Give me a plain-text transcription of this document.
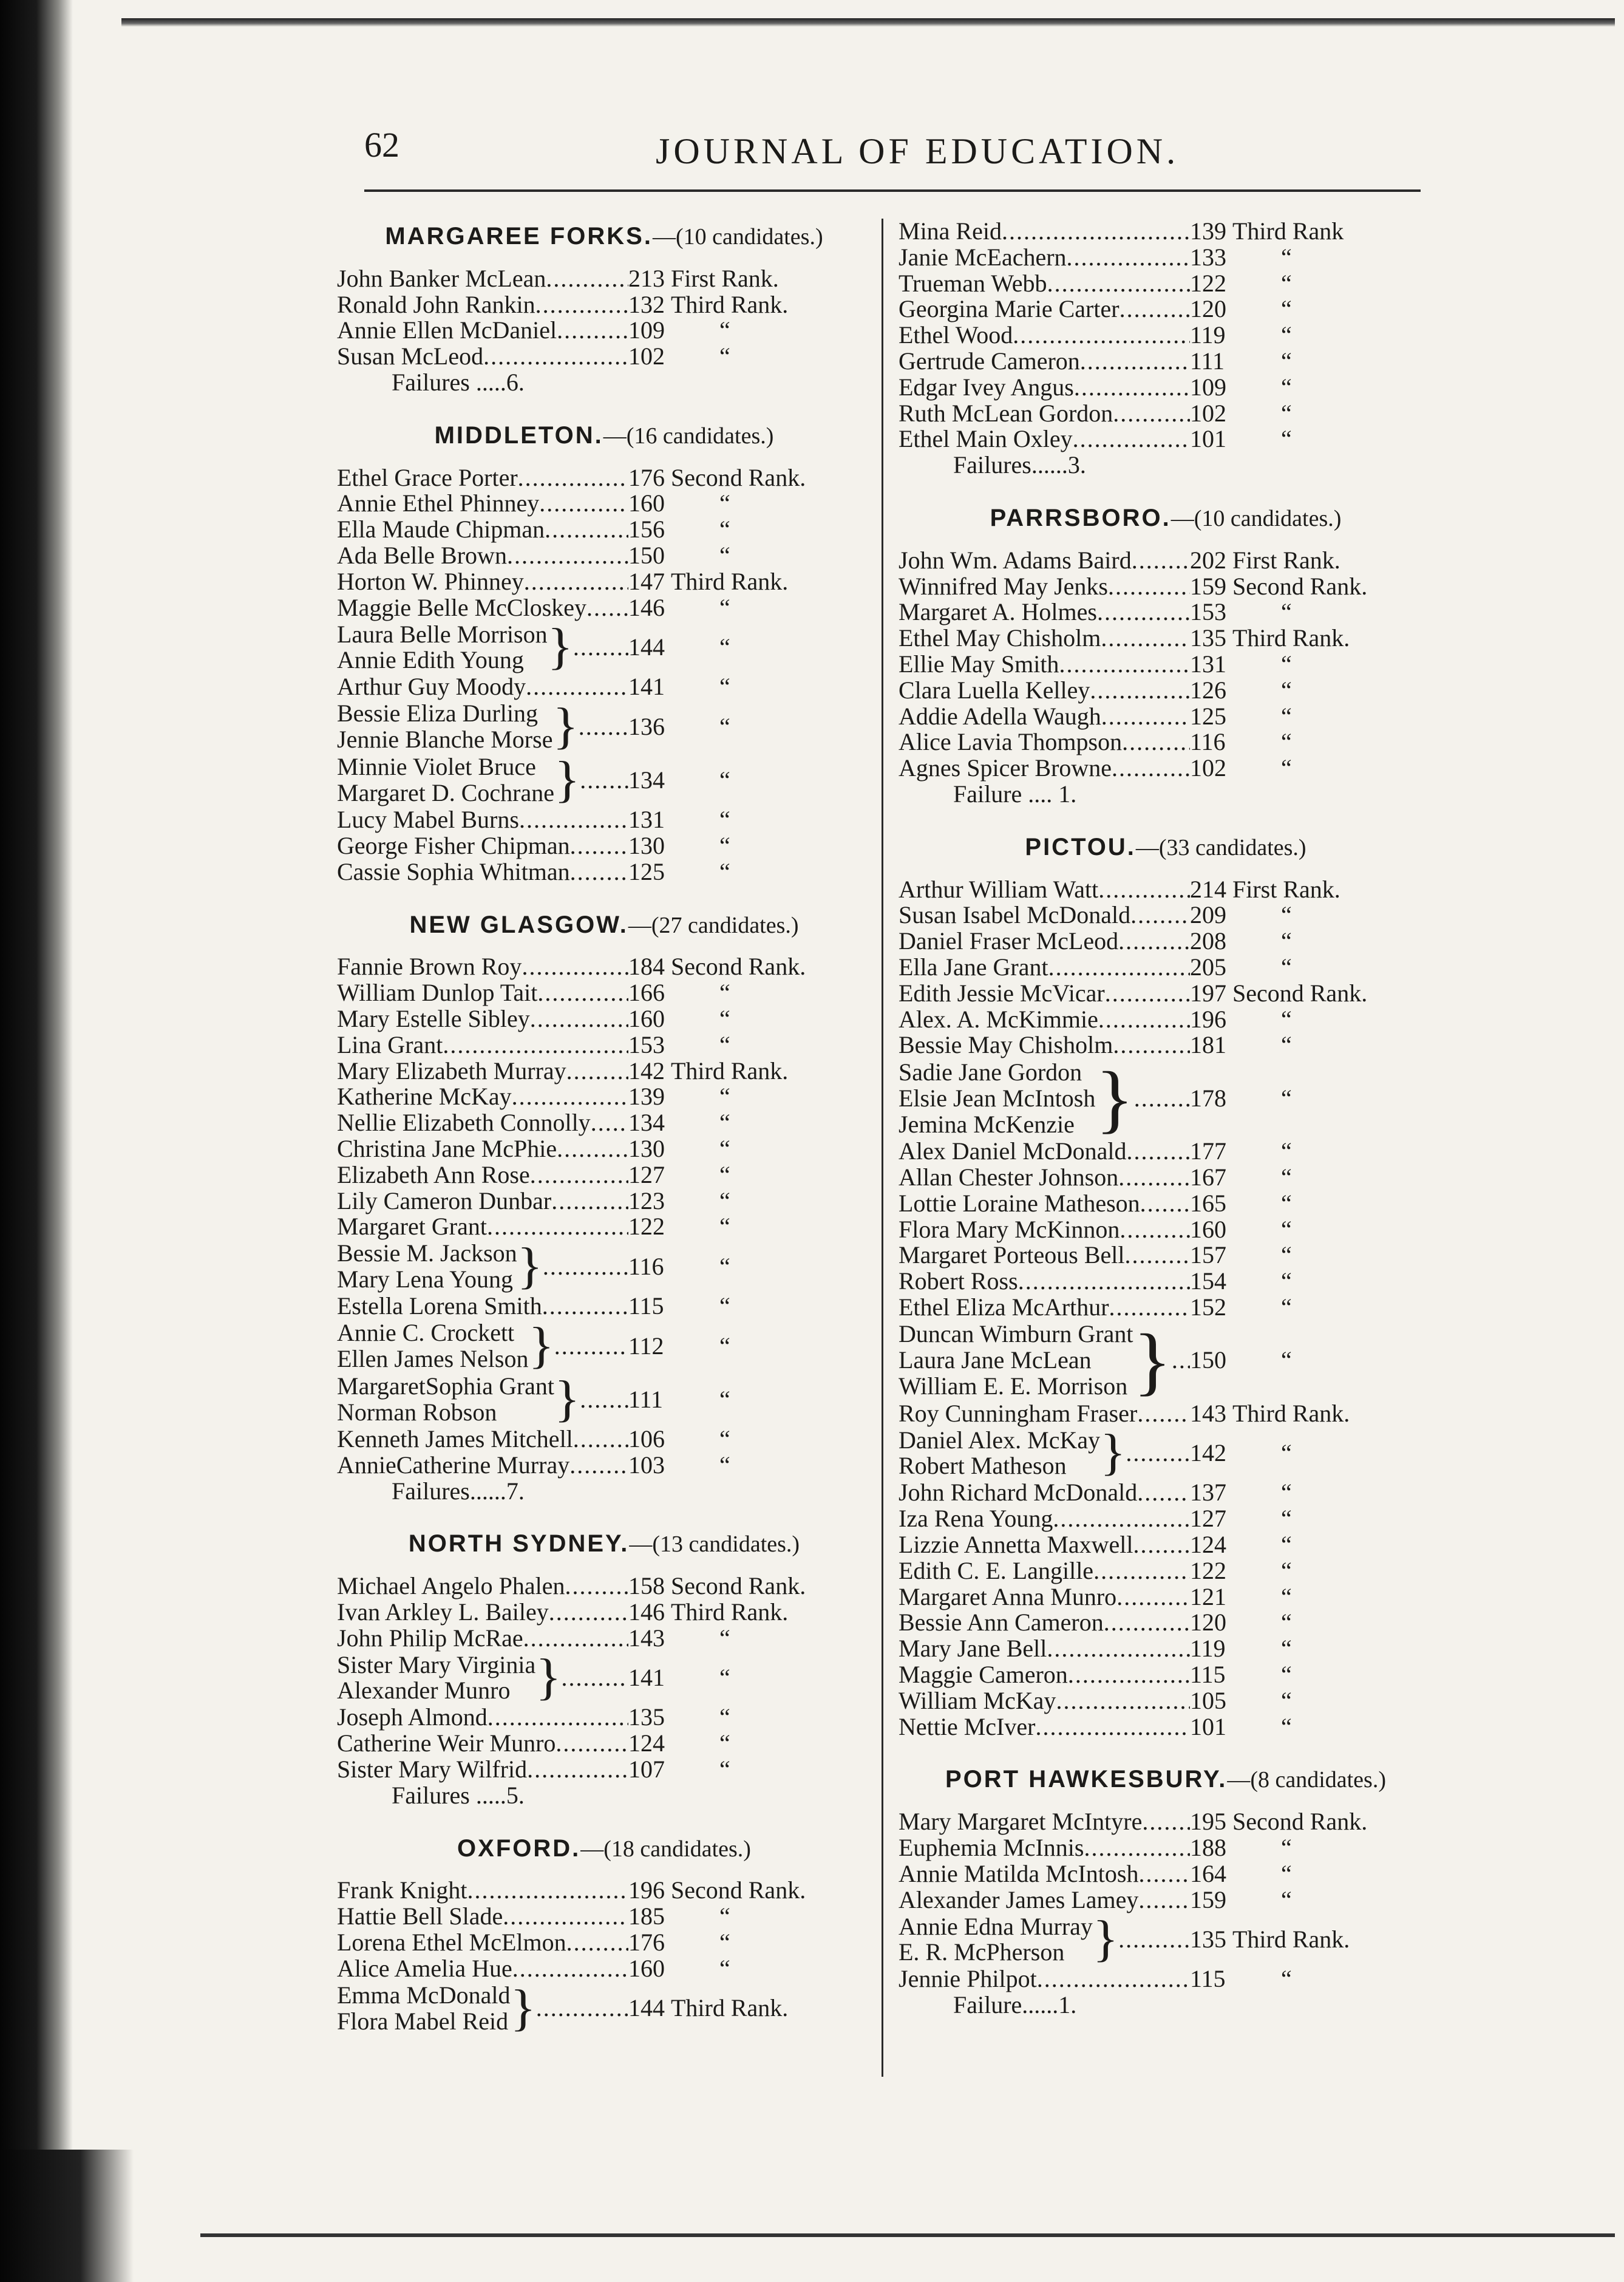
62	JOURNAL OF EDUCATION.
MARGAREE FORKS.—(10 candidates.)
John Banker McLean .....	213 First Rank.
Ronald John Rankin .....	132 Third Rank.
Annie Ellen McDaniel .....	109	“
Susan McLeod .....	102	“
Failures .....6.
MIDDLETON.—(16 candidates.)
Ethel Grace Porter .....	176 Second Rank.
Annie Ethel Phinney .....	160	“
Ella Maude Chipman .....	156	“
Ada Belle Brown .....	150	“
Horton W. Phinney .....	147 Third Rank.
Maggie Belle McCloskey ..... 146	“
Laura Belle Morrison
Annie Edith Young } ..... 144	“
Arthur Guy Moody .....	141	“
Bessie Eliza Durling
Jennie Blanche Morse } ..... 136	“
Minnie Violet Bruce
Margaret D. Cochrane } ..... 134	“
Lucy Mabel Burns .....	131	“
George Fisher Chipman ..... 130	“
Cassie Sophia Whitman ..... 125	“
NEW GLASGOW.—(27 candidates.)
Fannie Brown Roy .....	184 Second Rank.
William Dunlop Tait .....	166	“
Mary Estelle Sibley .....	160	“
Lina Grant .....	153	“
Mary Elizabeth Murray .....	142 Third Rank.
Katherine McKay .....	139	“
Nellie Elizabeth Connolly ..... 134	“
Christina Jane McPhie .....	130	“
Elizabeth Ann Rose .....	127	“
Lily Cameron Dunbar .....	123	“
Margaret Grant .....	122	“
Bessie M. Jackson
Mary Lena Young } .....	116	“
Estella Lorena Smith .....	115	“
Annie C. Crockett
Ellen James Nelson } .....	112	“
MargaretSophia Grant
Norman Robson	} ..... 111	“
Kenneth James Mitchell ..... 106	“
AnnieCatherine Murray ..... 103	“
Failures......7.
NORTH SYDNEY.—(13 candidates.)
Michael Angelo Phalen .....	158 Second Rank.
Ivan Arkley L. Bailey .....	146 Third Rank.
John Philip McRae .....	143	“
Sister Mary Virginia
Alexander Munro } .....	141	“
Joseph Almond .....	135	“
Catherine Weir Munro .....	124	“
Sister Mary Wilfrid .....	107	“
Failures .....5.
OXFORD.—(18 candidates.)
Frank Knight .....	196 Second Rank.
Hattie Bell Slade .....	185	“
Lorena Ethel McElmon .....	176	“
Alice Amelia Hue .....	160	“
Emma McDonald
Flora Mabel Reid } .....	144 Third Rank.
Mina Reid .....	139 Third Rank
Janie McEachern .....	133	“
Trueman Webb .....	122	“
Georgina Marie Carter .....	120	“
Ethel Wood .....	119	“
Gertrude Cameron .....	111	“
Edgar Ivey Angus .....	109	“
Ruth McLean Gordon .....	102	“
Ethel Main Oxley .....	101	“
Failures......3.
PARRSBORO.—(10 candidates.)
John Wm. Adams Baird ..... 202 First Rank.
Winnifred May Jenks .....	159 Second Rank.
Margaret A. Holmes .....	153	“
Ethel May Chisholm .....	135 Third Rank.
Ellie May Smith .....	131	“
Clara Luella Kelley .....	126	“
Addie Adella Waugh .....	125	“
Alice Lavia Thompson .....	116	“
Agnes Spicer Browne .....	102	“
Failure .... 1.
PICTOU.—(33 candidates.)
Arthur William Watt .....	214 First Rank.
Susan Isabel McDonald ..... 209	“
Daniel Fraser McLeod .....	208	“
Ella Jane Grant .....	205	“
Edith Jessie McVicar .....	197 Second Rank.
Alex. A. McKimmie .....	196	“
Bessie May Chisholm .....	181	“
Sadie Jane Gordon
Elsie Jean McIntosh
Jemina McKenzie } ..... 178	“
Alex Daniel McDonald .....	177	“
Allan Chester Johnson .....	167	“
Lottie Loraine Matheson ..... 165	“
Flora Mary McKinnon .....	160	“
Margaret Porteous Bell .....	157	“
Robert Ross .....	154	“
Ethel Eliza McArthur .....	152	“
Duncan Wimburn Grant
Laura Jane McLean
William E. E. Morrison } ..... 150	“
Roy Cunningham Fraser ..... 143 Third Rank.
Daniel Alex. McKay
Robert Matheson } .....	142	“
John Richard McDonald ..... 137	“
Iza Rena Young .....	127	“
Lizzie Annetta Maxwell ..... 124	“
Edith C. E. Langille .....	122	“
Margaret Anna Munro .....	121	“
Bessie Ann Cameron .....	120	“
Mary Jane Bell .....	119	“
Maggie Cameron .....	115	“
William McKay .....	105	“
Nettie McIver .....	101	“
PORT HAWKESBURY.—(8 candidates.)
Mary Margaret McIntyre ..... 195 Second Rank.
Euphemia McInnis .....	188	“
Annie Matilda McIntosh ..... 164	“
Alexander James Lamey ..... 159	“
Annie Edna Murray
E. R. McPherson } .....	135 Third Rank.
Jennie Philpot .....	115	“
Failure......1.
